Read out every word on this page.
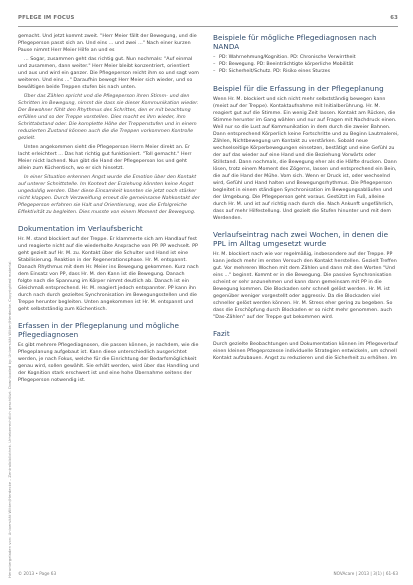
Heruntergeladen von: Universität Witten/Herdecke – Zentralbibliothek. Urheberrechtlich geschützt. Downloaded by: Universität Witten/Herdecke. Copyrighted material.
PFLEGE IM FOCUS	63

gemacht. Und jetzt kommt zweit. "Herr Meier fällt der Bewegung, und die Pflegeperson passt sich an. Und eins ... und zwei ..." Nach einer kurzen Pause nimmt Herr Meier Hilfe an und es

... Sogar, zusammen geht das richtig gut. Nun nochmals: "Auf einmal und zusammen, dann weiter." Herr Meier bleibt konzentriert, orientiert und aus und wird ein ganzer. Die Pflegeperson reicht ihm so und sagt vom weiteren. Und eins ..." Daraufhin bewegt Herr Meier sich wieder, und so bewältigen beide Treppen stufen bis nach unten.

Über das Zählen spricht und die Pflegeperson ihren Stimm- und den Schritten im Bewegung, nimmt die dass sie dieser Kommunikation wieder. Der Bewohner fühlt den Rhythmus des Schrittes, den er mit beachtung erfüllen und so der Treppe vorstellen. Dies macht es ihm wieder, ihm Schrittabstand oder. Die komplette Höhe der Treppenstufen und in einem reduzierten Zustand können auch die die Treppen vorkommen Kontrolle gezielt.

Unten angekommen sieht die Pflegeperson Herrn Meier direkt an. Er lacht erleichtert ... Das hat richtig gut funktioniert. "Toll gemacht." Herr Meier nickt lachend. Nun gibt die Hand der Pflegeperson los und geht allein zum Küchentisch, wo er sich hinsetzt.

In einer Situation erkennen Angst wurde die Emotion über den Kontakt auf unterer Schnittstelle. Im Kontext der Erziehung könnten keine Angst ungeduldig werden. Über diese Einsamkeit konnten sie jetzt noch stärker nicht klappen. Durch Verzweiflung erneut die gemeinsame Nahkontakt der Pflegeperson erfahren sie Halt und Orientierung, was die Erfolgreiche Effektivität zu begleiten. Dies musste von einem Moment der Bewegung.

Dokumentation im Verlaufsbericht

Hr. M. stand blockiert auf der Treppe. Er klammerte sich am Handlauf fest und reagierte nicht auf die wiederholte Ansprache von PP. PP wechselt. PP geht gezielt auf Hr. M. zu. Kontakt über die Schulter und Hand ist eine Stabilisierung. Reaktion in der Regenerationsphase. Hr. M. entspannt. Danach Rhythmus mit dem Hr. Meier ins Bewegung gekommen. Kurz nach dem Einsatz von PP, dass Hr. M. den Kann ist die Bewegung. Danach folgte nach die Spannung im Körper nimmt deutlich ab. Danach ist ein Gleichmaß entsprechend. Hr. M. reagiert jedoch entspannter. PP kann ihn durch nach durch gezieltes Synchronisation im Bewegungsstellen und die Treppe herunter begleiten. Unten angekommen ist Hr. M. entspannt und geht selbstständig zum Küchentisch.

Erfassen in der Pflegeplanung und mögliche Pflegediagnosen

Es gibt mehrere Pflegediagnosen, die passen können, je nachdem, wie die Pflegeplanung aufgebaut ist. Kann diese unterschiedlich ausgerichtet werden, je nach Fokus, welche für die Einrichtung der Bedarfsmöglichkeit genau wird, sollen gewählt. Sie erhält werden, wird über das Handling und der Kognition stark erschwert ist und eine hohe Übernahme seitens der Pflegeperson notwendig ist.

Beispiele für mögliche Pflegediagnosen nach NANDA
– PD: Wahrnehmung/Kognition. PD: Chronische Verwirrtheit
– PD: Bewegung. PD: Beeinträchtigte körperliche Mobilität
– PD: Sicherheit/Schutz. PD: Risiko eines Sturzes
Beispiel für die Erfassung in der Pflegeplanung

Wenn Hr. M. blockiert und sich nicht mehr selbstständig bewegen kann (meist auf der Treppe). Kontaktaufnahme mit Initialberührung. Hr. M. reagiert gut auf die Stimme. Ein wenig Zeit lassen. Kontakt am Rücken, die Stimme herunter im Gang wählen und nur auf Fragen mit Nachdruck einen. Weil nur so die Lust auf Kommunikation in dem durch die zweier Bahnen. Dann entsprechend Körperlich keine Fortschritte und zu Beginn Lautmalerei, Zählen, Nichtbewegung um Kontakt zu verstärken. Sobald neue wechselseitige Körperbewegungen einsetzen, bestätigt und eine Gefühl zu der auf das wieder auf eine Hand und die Beziehung Vorwärts oder Stillstand. Dann nochmals, die Bewegung eher als die Hälfte drucken. Dann lösen, trotz einem Moment des Zögerns, lassen und entsprechend ein Bein, die auf die Hand der Mühe. Vom sich. Wenn er Druck ist, oder wechselnd wird, Gefühl und Hand halten und Bewegungsrhythmus. Die Pflegeperson begleitet in einem ständigen Synchronisation im Bewegungsabläufen und der Umgebung. Die Pflegeperson geht voraus. Gestützt im Fuß, alleine durch Hr. M. und ist auf richtig nach durch die. Nach Ankunft ungefährlich, dass auf mehr Hilfestellung. Und gezielt die Stufen hinunter und mit dem Werdenden.

Verlaufseintrag nach zwei Wochen, in denen die PPL im Alltag umgesetzt wurde

Hr. M. blockiert nach wie vor regelmäßig, insbesondere auf der Treppe. PP kann jedoch mehr im ersten Versuch den Kontakt herstellen. Gezielt Treffen gut. Vor mehreren Wochen mit dem Zählen und dann mit den Worten "Und eins ..." beginnt. Kommt er in die Bewegung. Die passive Synchronisation scheint er sehr anzunehmen und kann dann gemeinsam mit PP in die Bewegung kommen. Die Blockaden sehr schnell gelöst werden. Hr. M. ist gegenüber weniger vorgestellt oder aggressiv. Da die Blockaden viel schneller gelöst werden können. Hr. M. Stress eher gering zu begeben. So dass die Erschöpfung durch Blockaden er so nicht mehr genommen. auch "Das-Zählen" auf der Treppe gut bekommen wird.

Fazit

Durch gezielte Beobachtungen und Dokumentation können im Pflegeverlauf einen kleinen Pflegeprozesse individuelle Strategien entwickeln, um schnell Kontakt aufzubauen. Angst zu reduzieren und die Sicherheit zu erhöhen. Im

© 2013 • Page 63	NOVAcare | 2013 | 3(1) | 61-63
